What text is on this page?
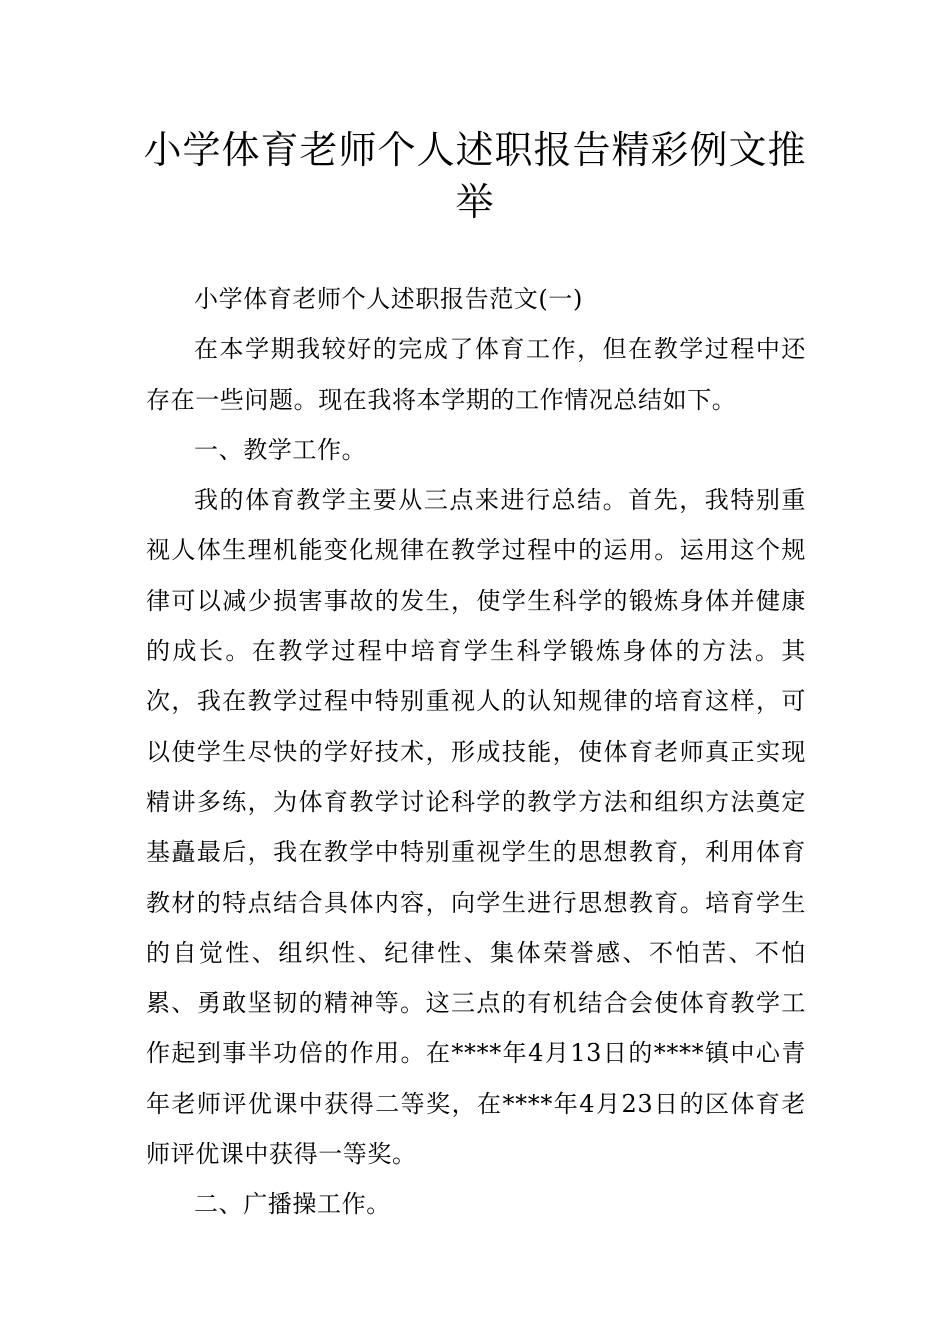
小学体育老师个人述职报告精彩例文推举

小学体育老师个人述职报告范文(一)

在本学期我较好的完成了体育工作，但在教学过程中还存在一些问题。现在我将本学期的工作情况总结如下。

一、教学工作。

我的体育教学主要从三点来进行总结。首先，我特别重视人体生理机能变化规律在教学过程中的运用。运用这个规律可以减少损害事故的发生，使学生科学的锻炼身体并健康的成长。在教学过程中培育学生科学锻炼身体的方法。其次，我在教学过程中特别重视人的认知规律的培育这样，可以使学生尽快的学好技术，形成技能，使体育老师真正实现精讲多练，为体育教学讨论科学的教学方法和组织方法奠定基矗最后，我在教学中特别重视学生的思想教育，利用体育教材的特点结合具体内容，向学生进行思想教育。培育学生的自觉性、组织性、纪律性、集体荣誉感、不怕苦、不怕累、勇敢坚韧的精神等。这三点的有机结合会使体育教学工作起到事半功倍的作用。在****年4月13日的****镇中心青年老师评优课中获得二等奖，在****年4月23日的区体育老师评优课中获得一等奖。

二、广播操工作。
